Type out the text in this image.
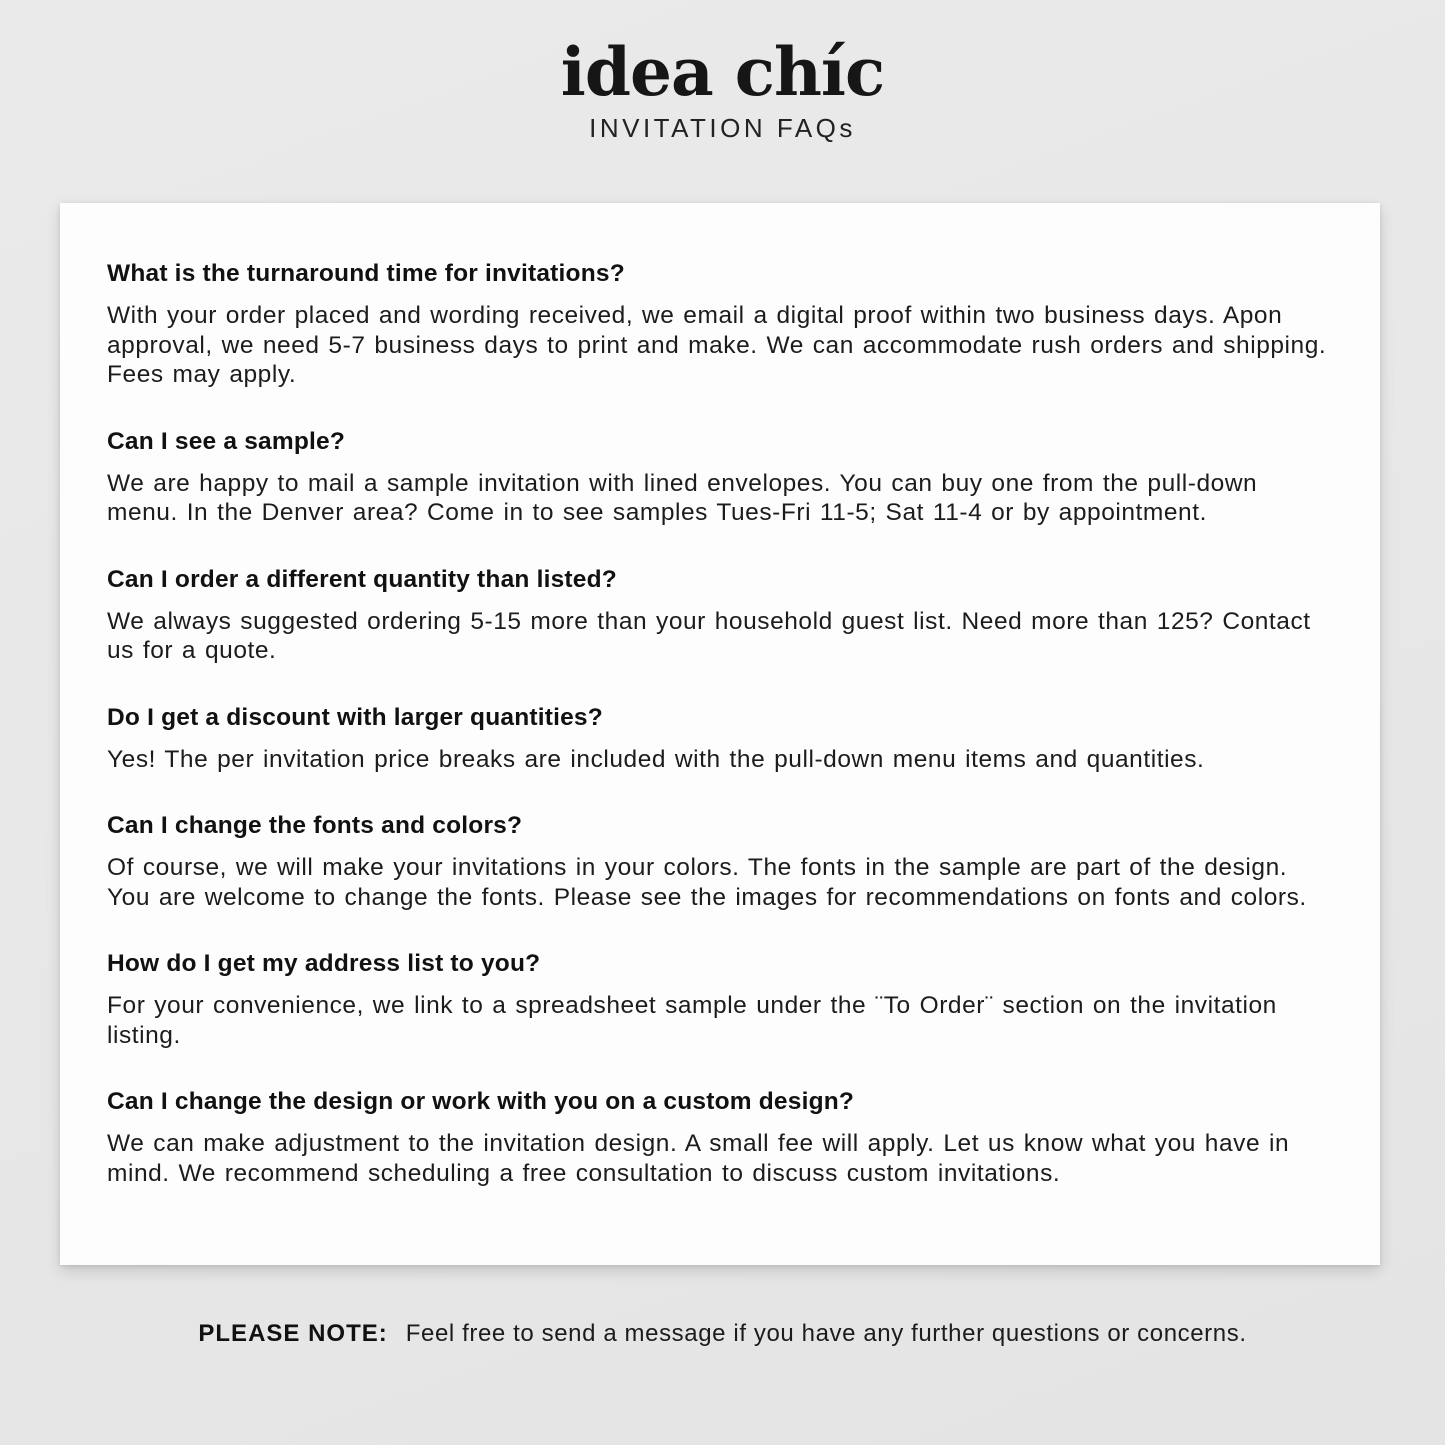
idea chíc
INVITATION FAQs
What is the turnaround time for invitations?

With your order placed and wording received, we email a digital proof within two business days. Apon approval, we need 5-7 business days to print and make. We can accommodate rush orders and shipping. Fees may apply.

Can I see a sample?

We are happy to mail a sample invitation with lined envelopes. You can buy one from the pull-down menu. In the Denver area? Come in to see samples Tues-Fri 11-5; Sat 11-4 or by appointment.

Can I order a different quantity than listed?

We always suggested ordering 5-15 more than your household guest list. Need more than 125? Contact us for a quote.

Do I get a discount with larger quantities?

Yes! The per invitation price breaks are included with the pull-down menu items and quantities.

Can I change the fonts and colors?

Of course, we will make your invitations in your colors. The fonts in the sample are part of the design. You are welcome to change the fonts. Please see the images for recommendations on fonts and colors.

How do I get my address list to you?

For your convenience, we link to a spreadsheet sample under the ¨To Order¨ section on the invitation listing.

Can I change the design or work with you on a custom design?

We can make adjustment to the invitation design. A small fee will apply. Let us know what you have in mind. We recommend scheduling a free consultation to discuss custom invitations.

PLEASE NOTE: Feel free to send a message if you have any further questions or concerns.
